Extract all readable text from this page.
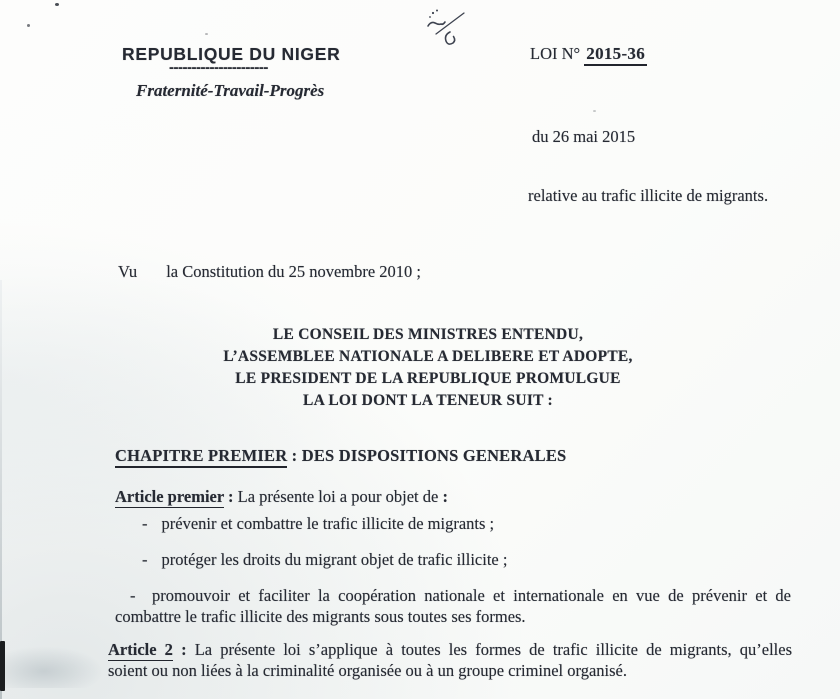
REPUBLIQUE DU NIGER
----------------------
Fraternité-Travail-Progrès
LOI N° 2015-36
du 26 mai 2015
relative au trafic illicite de migrants.
Vu la Constitution du 25 novembre 2010 ;
LE CONSEIL DES MINISTRES ENTENDU,
L’ASSEMBLEE NATIONALE A DELIBERE ET ADOPTE,
LE PRESIDENT DE LA REPUBLIQUE PROMULGUE
LA LOI DONT LA TENEUR SUIT :
CHAPITRE PREMIER : DES DISPOSITIONS GENERALES
Article premier : La présente loi a pour objet de :
- prévenir et combattre le trafic illicite de migrants ;
- protéger les droits du migrant objet de trafic illicite ;
- promouvoir et faciliter la coopération nationale et internationale en vue de prévenir et de
combattre le trafic illicite des migrants sous toutes ses formes.
Article 2 : La présente loi s’applique à toutes les formes de trafic illicite de migrants, qu’elles
soient ou non liées à la criminalité organisée ou à un groupe criminel organisé.
